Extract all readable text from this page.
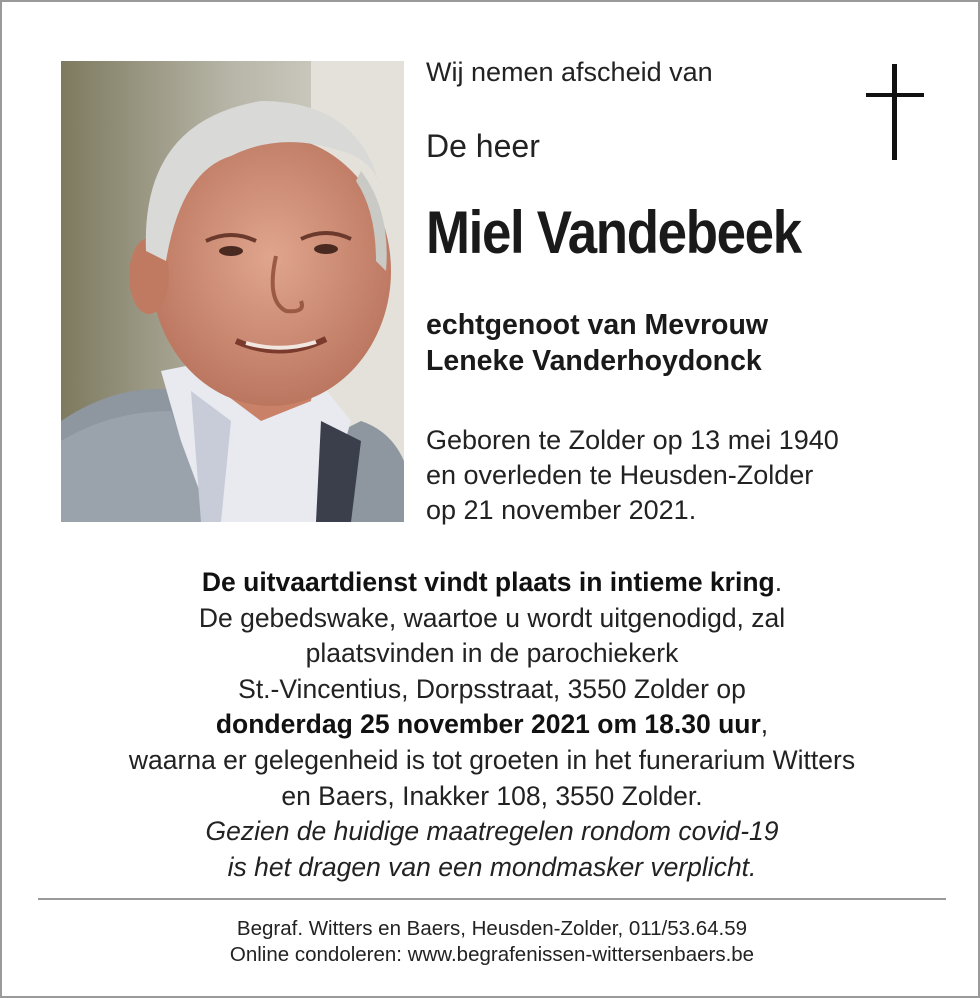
Wij nemen afscheid van
De heer
Miel Vandebeek
echtgenoot van Mevrouw
Leneke Vanderhoydonck
Geboren te Zolder op 13 mei 1940
en overleden te Heusden-Zolder
op 21 november 2021.
De uitvaartdienst vindt plaats in intieme kring.
De gebedswake, waartoe u wordt uitgenodigd, zal
plaatsvinden in de parochiekerk
St.-Vincentius, Dorpsstraat, 3550 Zolder op
donderdag 25 november 2021 om 18.30 uur,
waarna er gelegenheid is tot groeten in het funerarium Witters
en Baers, Inakker 108, 3550 Zolder.
Gezien de huidige maatregelen rondom covid-19
is het dragen van een mondmasker verplicht.
Begraf. Witters en Baers, Heusden-Zolder, 011/53.64.59
Online condoleren: www.begrafenissen-wittersenbaers.be
